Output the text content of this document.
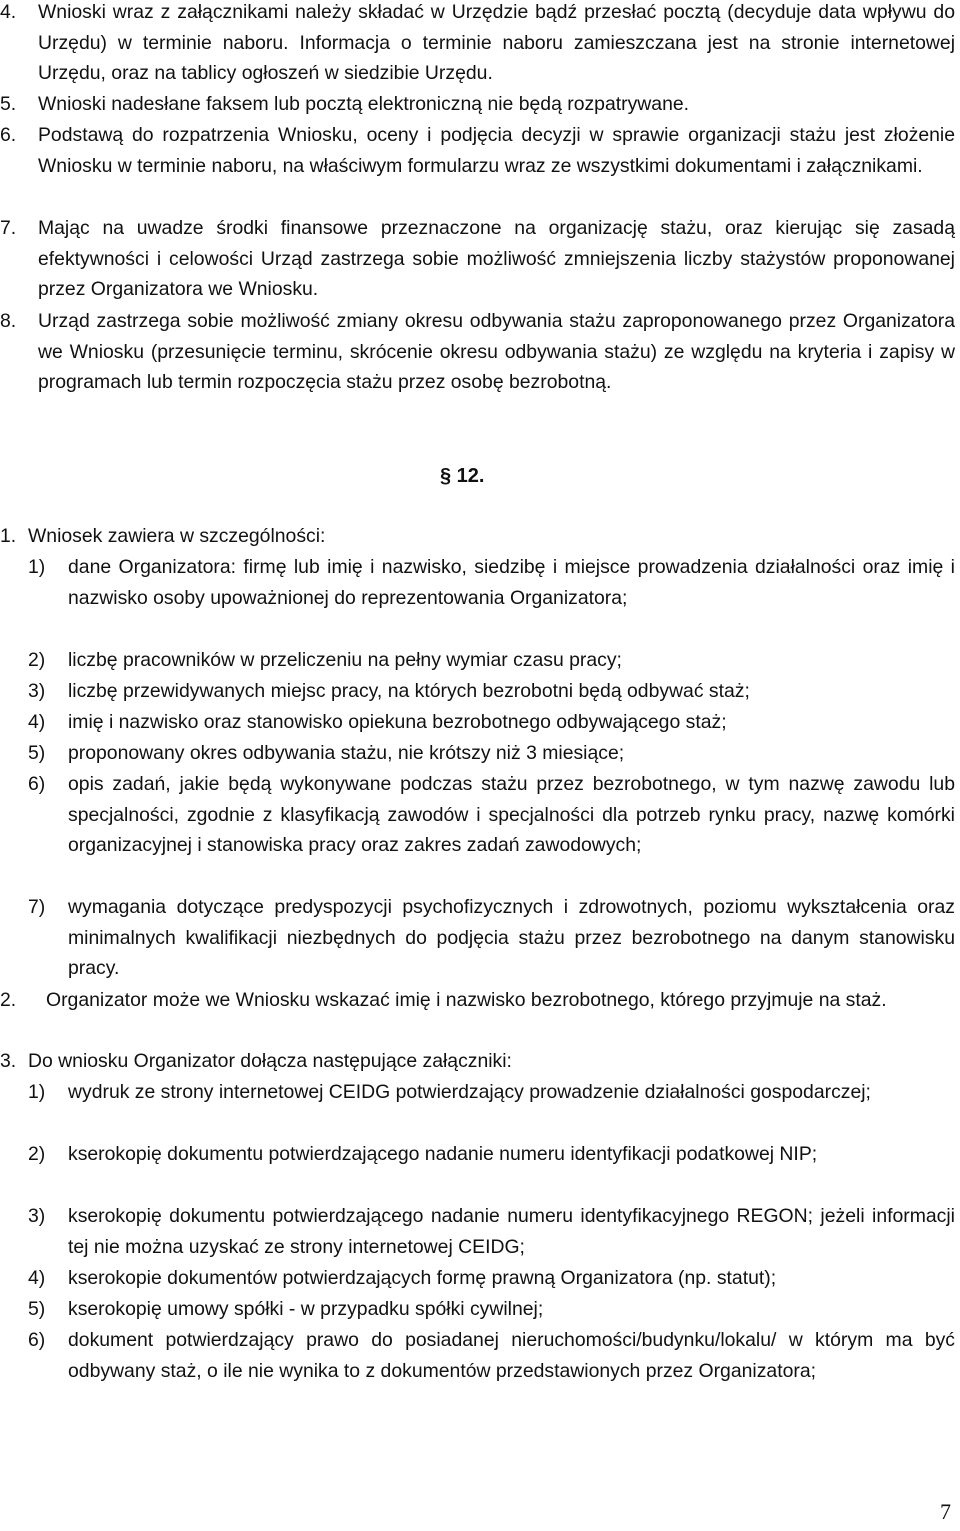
4. Wnioski wraz z załącznikami należy składać w Urzędzie bądź przesłać pocztą (decyduje data wpływu do Urzędu) w terminie naboru. Informacja o terminie naboru zamieszczana jest na stronie internetowej Urzędu, oraz na tablicy ogłoszeń w siedzibie Urzędu.
5. Wnioski nadesłane faksem lub pocztą elektroniczną nie będą rozpatrywane.
6. Podstawą do rozpatrzenia Wniosku, oceny i podjęcia decyzji w sprawie organizacji stażu jest złożenie Wniosku w terminie naboru, na właściwym formularzu wraz ze wszystkimi dokumentami i załącznikami.
7. Mając na uwadze środki finansowe przeznaczone na organizację stażu, oraz kierując się zasadą efektywności i celowości Urząd zastrzega sobie możliwość zmniejszenia liczby stażystów proponowanej przez Organizatora we Wniosku.
8. Urząd zastrzega sobie możliwość zmiany okresu odbywania stażu zaproponowanego przez Organizatora we Wniosku (przesunięcie terminu, skrócenie okresu odbywania stażu) ze względu na kryteria i zapisy w programach lub termin rozpoczęcia stażu przez osobę bezrobotną.
§ 12.
1. Wniosek zawiera w szczególności:
1) dane Organizatora: firmę lub imię i nazwisko, siedzibę i miejsce prowadzenia działalności oraz imię i nazwisko osoby upoważnionej do reprezentowania Organizatora;
2) liczbę pracowników w przeliczeniu na pełny wymiar czasu pracy;
3) liczbę przewidywanych miejsc pracy, na których bezrobotni będą odbywać staż;
4) imię i nazwisko oraz stanowisko opiekuna bezrobotnego odbywającego staż;
5) proponowany okres odbywania stażu, nie krótszy niż 3 miesiące;
6) opis zadań, jakie będą wykonywane podczas stażu przez bezrobotnego, w tym nazwę zawodu lub specjalności, zgodnie z klasyfikacją zawodów i specjalności dla potrzeb rynku pracy, nazwę komórki organizacyjnej i stanowiska pracy oraz zakres zadań zawodowych;
7) wymagania dotyczące predyspozycji psychofizycznych i zdrowotnych, poziomu wykształcenia oraz minimalnych kwalifikacji niezbędnych do podjęcia stażu przez bezrobotnego na danym stanowisku pracy.
2. Organizator może we Wniosku wskazać imię i nazwisko bezrobotnego, którego przyjmuje na staż.
3. Do wniosku Organizator dołącza następujące załączniki:
1) wydruk ze strony internetowej CEIDG potwierdzający prowadzenie działalności gospodarczej;
2) kserokopię dokumentu potwierdzającego nadanie numeru identyfikacji podatkowej NIP;
3) kserokopię dokumentu potwierdzającego nadanie numeru identyfikacyjnego REGON; jeżeli informacji tej nie można uzyskać ze strony internetowej CEIDG;
4) kserokopie dokumentów potwierdzających formę prawną Organizatora (np. statut);
5) kserokopię umowy spółki - w przypadku spółki cywilnej;
6) dokument potwierdzający prawo do posiadanej nieruchomości/budynku/lokalu/ w którym ma być odbywany staż, o ile nie wynika to z dokumentów przedstawionych przez Organizatora;
7
